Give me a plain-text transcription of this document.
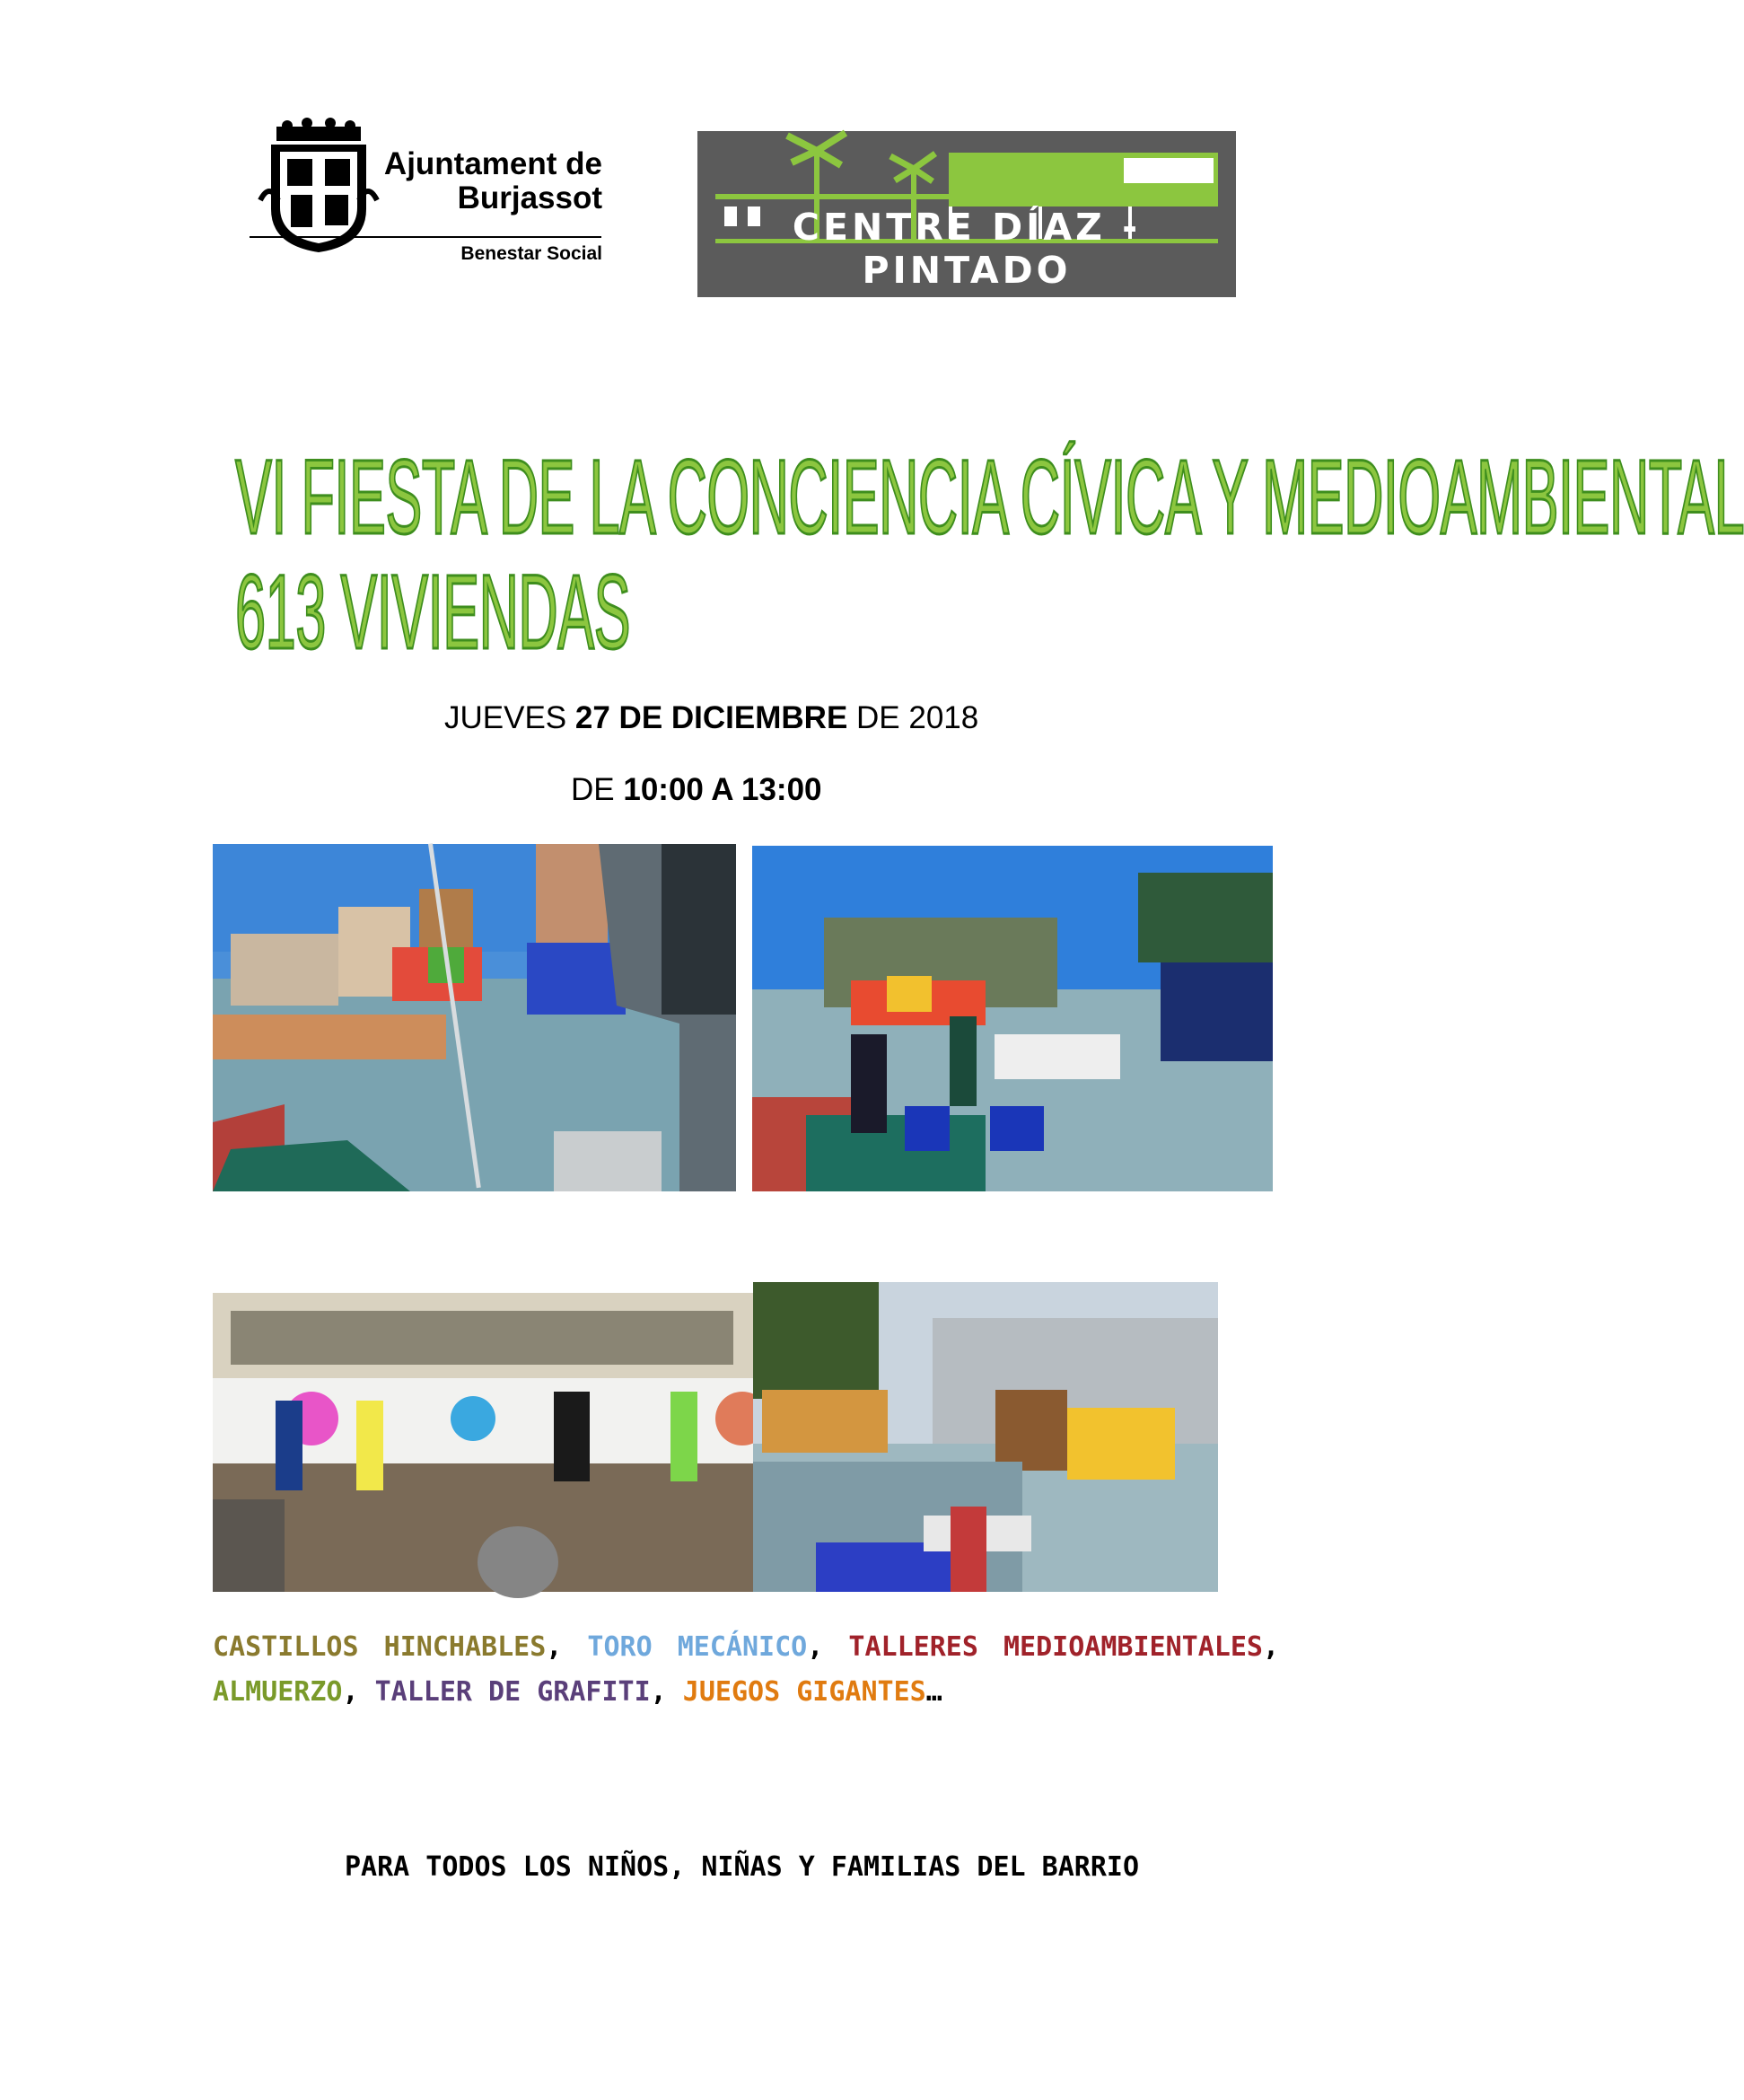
Ajuntament de
Burjassot
Benestar Social
CENTRE DÍAZ - PINTADO
VI FIESTA DE LA CONCIENCIA CÍVICA Y MEDIOAMBIENTAL
613 VIVIENDAS
JUEVES 27 DE DICIEMBRE DE 2018
DE 10:00 A 13:00
CASTILLOS HINCHABLES, TORO MECÁNICO, TALLERES MEDIOAMBIENTALES, ALMUERZO, TALLER DE GRAFITI, JUEGOS GIGANTES…
PARA TODOS LOS NIÑOS, NIÑAS Y FAMILIAS DEL BARRIO
